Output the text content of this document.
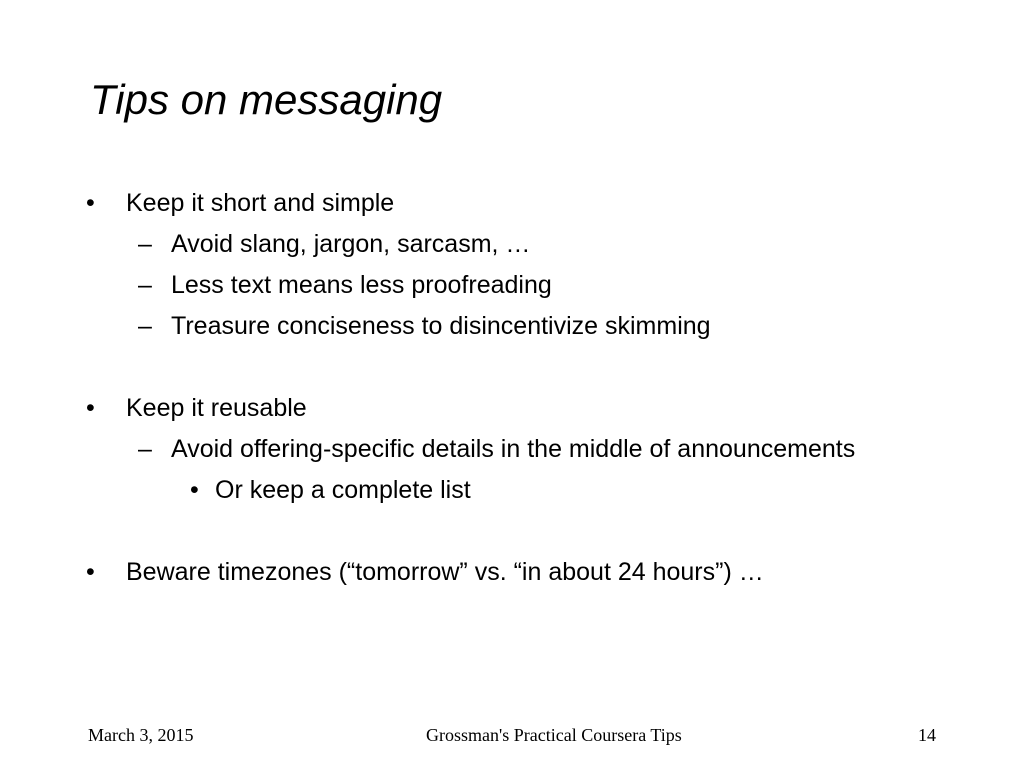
Tips on messaging
• Keep it short and simple
– Avoid slang, jargon, sarcasm, …
– Less text means less proofreading
– Treasure conciseness to disincentivize skimming
• Keep it reusable
– Avoid offering-specific details in the middle of announcements
• Or keep a complete list
• Beware timezones (“tomorrow” vs. “in about 24 hours”) …
March 3, 2015	Grossman's Practical Coursera Tips	14
